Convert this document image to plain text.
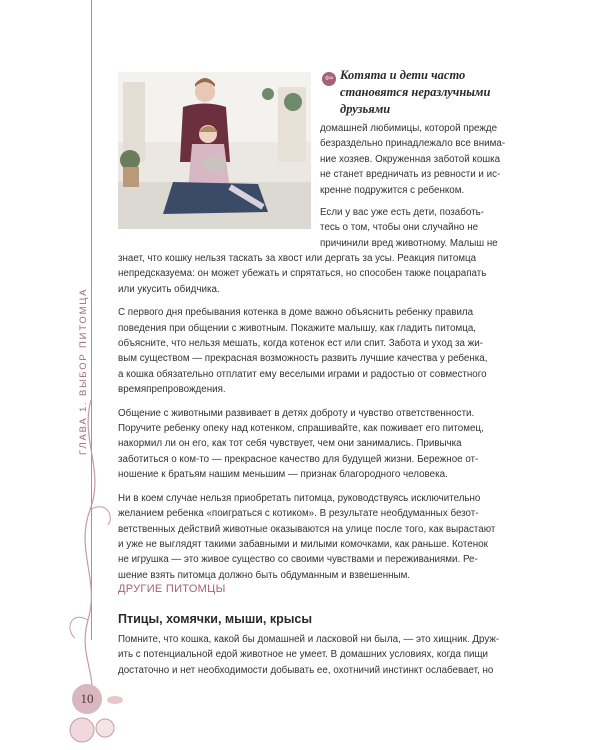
ГЛАВА 1. ВЫБОР ПИТОМЦА
10
⇦ Котята и дети часто
становятся неразлучными
друзьями
домашней любимицы, которой прежде
безраздельно принадлежало все внима-
ние хозяев. Окруженная заботой кошка
не станет вредничать из ревности и ис-
кренне подружится с ребенком.
Если у вас уже есть дети, позаботь-
тесь о том, чтобы они случайно не
причинили вред животному. Малыш не
знает, что кошку нельзя таскать за хвост или дергать за усы. Реакция питомца
непредсказуема: он может убежать и спрятаться, но способен также поцарапать
или укусить обидчика.
С первого дня пребывания котенка в доме важно объяснить ребенку правила
поведения при общении с животным. Покажите малышу, как гладить питомца,
объясните, что нельзя мешать, когда котенок ест или спит. Забота и уход за жи-
вым существом — прекрасная возможность развить лучшие качества у ребенка,
а кошка обязательно отплатит ему веселыми играми и радостью от совместного
времяпрепровождения.
Общение с животными развивает в детях доброту и чувство ответственности.
Поручите ребенку опеку над котенком, спрашивайте, как поживает его питомец,
накормил ли он его, как тот себя чувствует, чем они занимались. Привычка
заботиться о ком-то — прекрасное качество для будущей жизни. Бережное от-
ношение к братьям нашим меньшим — признак благородного человека.
Ни в коем случае нельзя приобретать питомца, руководствуясь исключительно
желанием ребенка «поиграться с котиком». В результате необдуманных безот-
ветственных действий животные оказываются на улице после того, как вырастают
и уже не выглядят такими забавными и милыми комочками, как раньше. Котенок
не игрушка — это живое существо со своими чувствами и переживаниями. Ре-
шение взять питомца должно быть обдуманным и взвешенным.
ДРУГИЕ ПИТОМЦЫ
Птицы, хомячки, мыши, крысы
Помните, что кошка, какой бы домашней и ласковой ни была, — это хищник. Друж-
ить с потенциальной едой животное не умеет. В домашних условиях, когда пищи
достаточно и нет необходимости добывать ее, охотничий инстинкт ослабевает, но
